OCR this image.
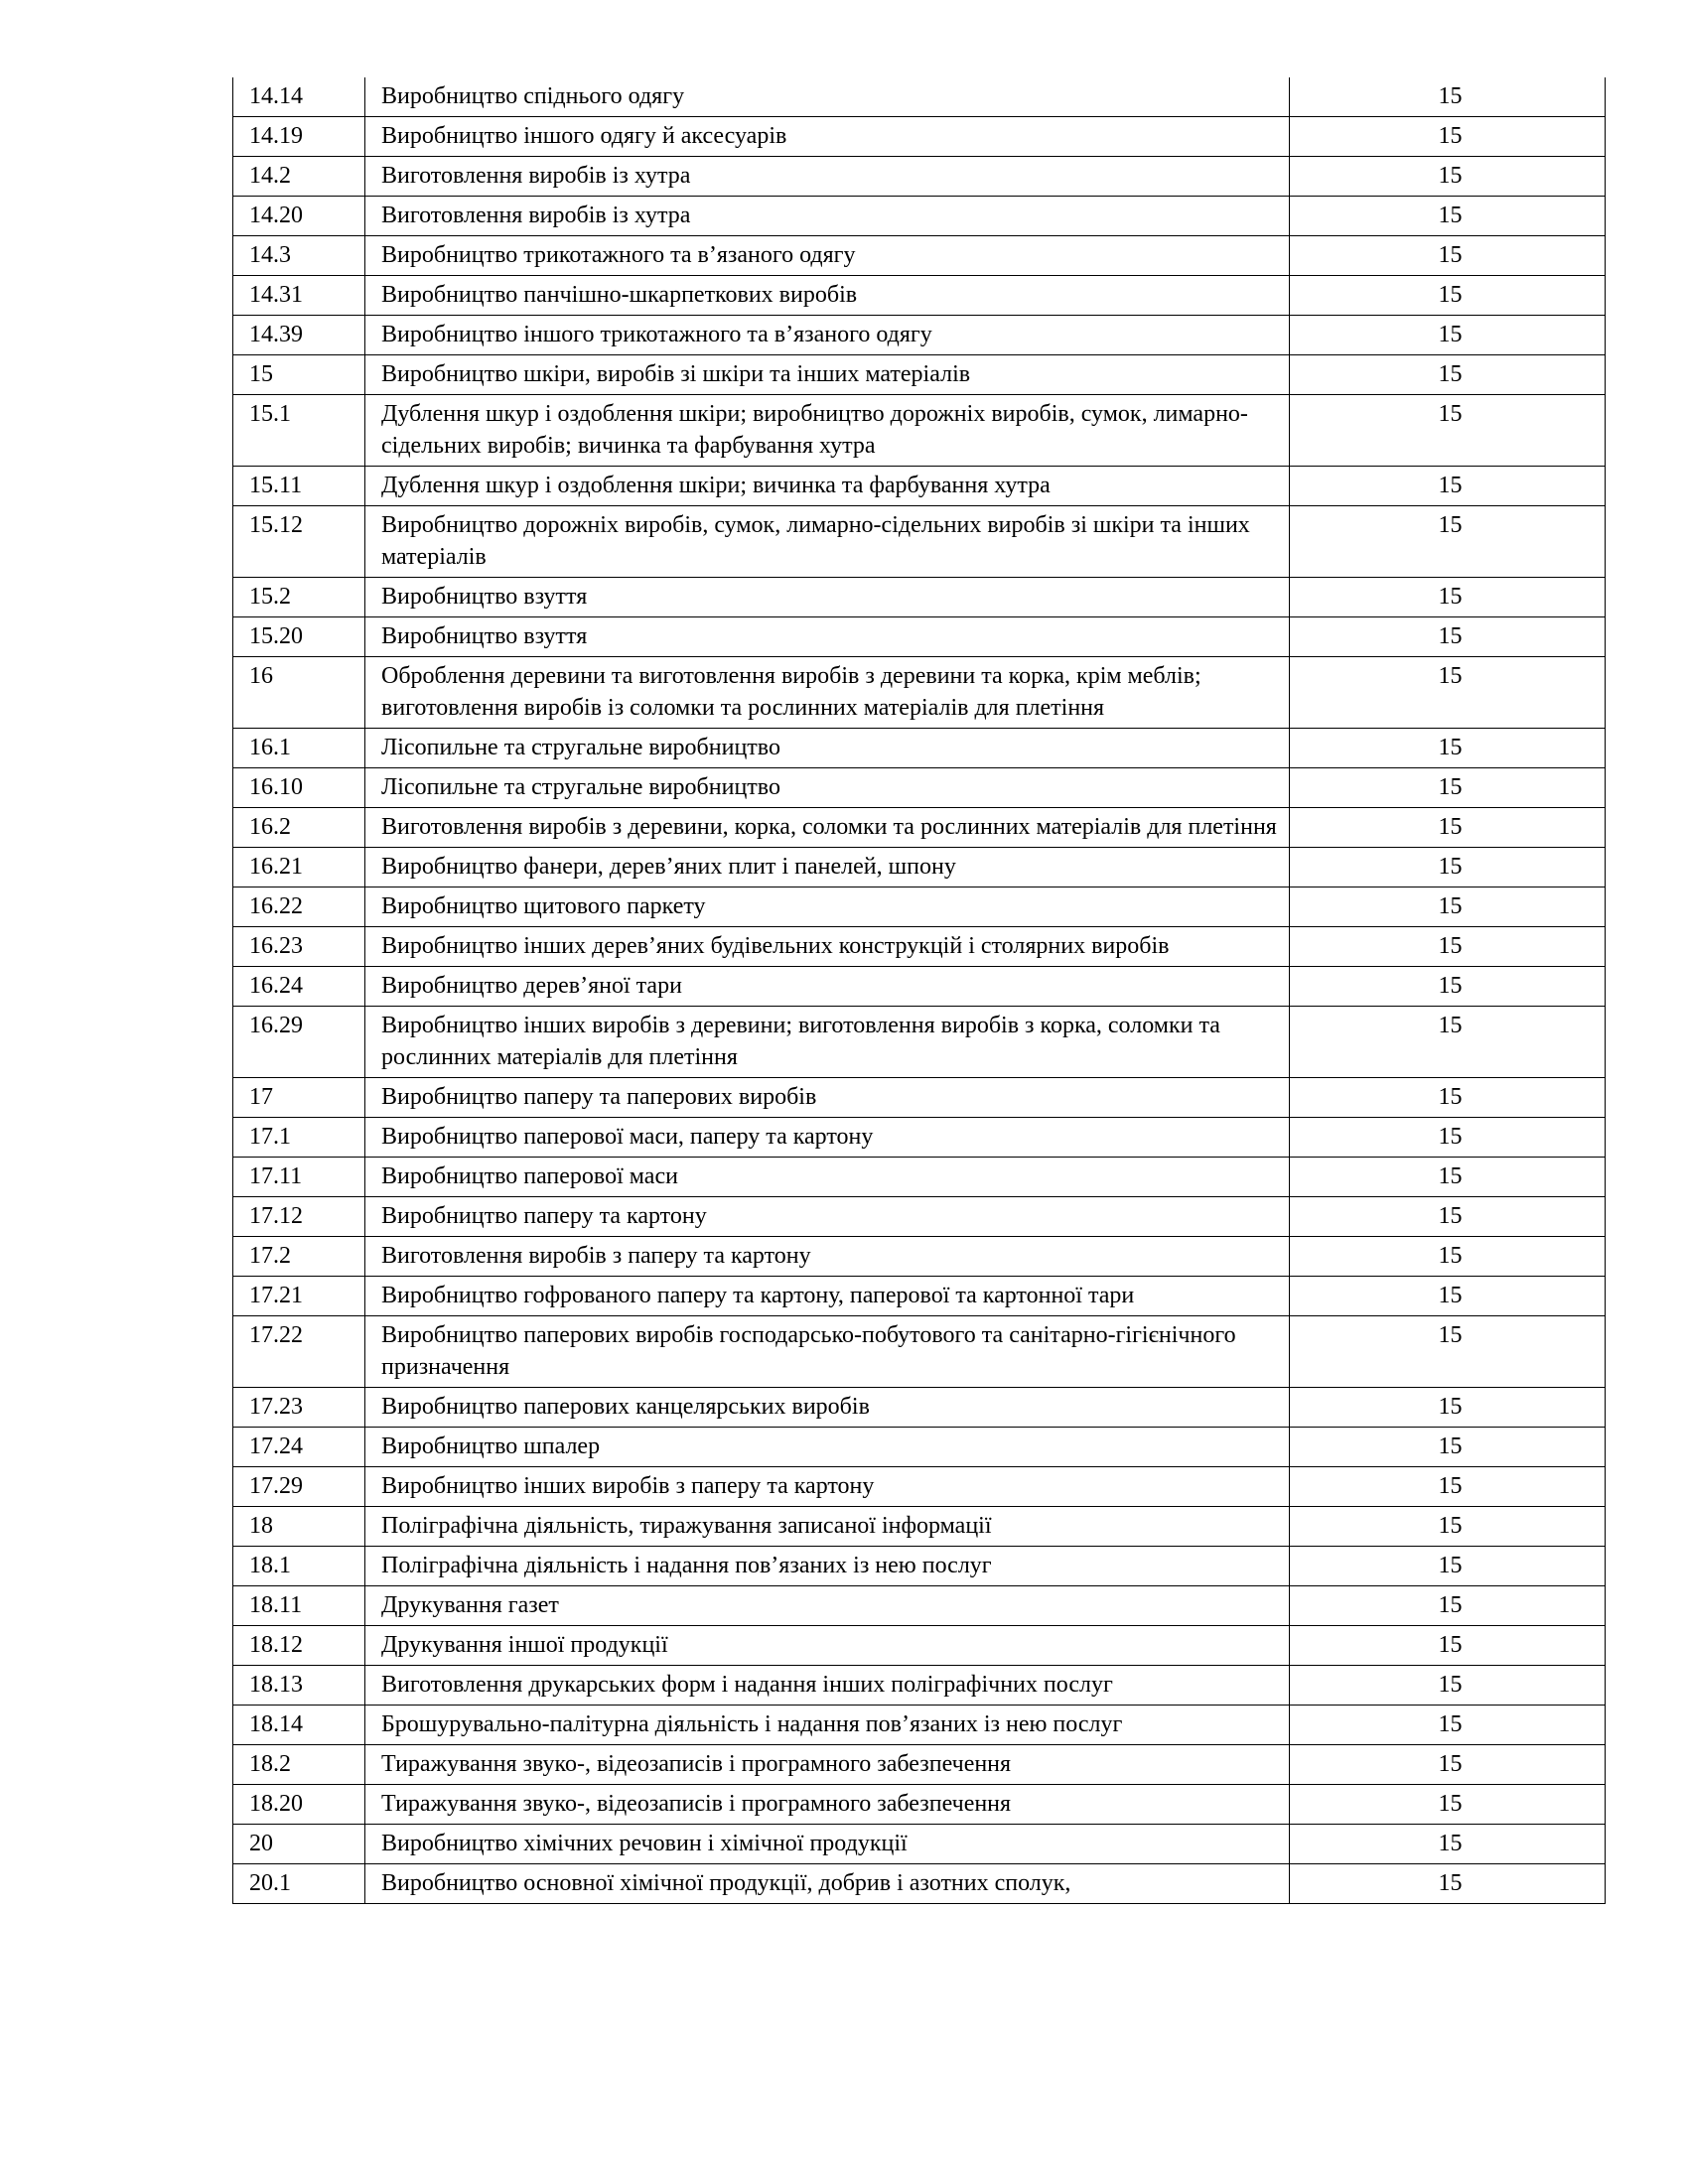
14.14	Виробництво спіднього одягу	15
14.19	Виробництво іншого одягу й аксесуарів	15
14.2	Виготовлення виробів із хутра	15
14.20	Виготовлення виробів із хутра	15
14.3	Виробництво трикотажного та в’язаного одягу	15
14.31	Виробництво панчішно-шкарпеткових виробів	15
14.39	Виробництво іншого трикотажного та в’язаного одягу	15
15	Виробництво шкіри, виробів зі шкіри та інших матеріалів	15
15.1	Дублення шкур і оздоблення шкіри; виробництво дорожніх виробів, сумок, лимарно-сідельних виробів; вичинка та фарбування хутра	15
15.11	Дублення шкур і оздоблення шкіри; вичинка та фарбування хутра	15
15.12	Виробництво дорожніх виробів, сумок, лимарно-сідельних виробів зі шкіри та інших матеріалів	15
15.2	Виробництво взуття	15
15.20	Виробництво взуття	15
16	Оброблення деревини та виготовлення виробів з деревини та корка, крім меблів; виготовлення виробів із соломки та рослинних матеріалів для плетіння	15
16.1	Лісопильне та стругальне виробництво	15
16.10	Лісопильне та стругальне виробництво	15
16.2	Виготовлення виробів з деревини, корка, соломки та рослинних матеріалів для плетіння	15
16.21	Виробництво фанери, дерев’яних плит і панелей, шпону	15
16.22	Виробництво щитового паркету	15
16.23	Виробництво інших дерев’яних будівельних конструкцій і столярних виробів	15
16.24	Виробництво дерев’яної тари	15
16.29	Виробництво інших виробів з деревини; виготовлення виробів з корка, соломки та рослинних матеріалів для плетіння	15
17	Виробництво паперу та паперових виробів	15
17.1	Виробництво паперової маси, паперу та картону	15
17.11	Виробництво паперової маси	15
17.12	Виробництво паперу та картону	15
17.2	Виготовлення виробів з паперу та картону	15
17.21	Виробництво гофрованого паперу та картону, паперової та картонної тари	15
17.22	Виробництво паперових виробів господарсько-побутового та санітарно-гігієнічного призначення	15
17.23	Виробництво паперових канцелярських виробів	15
17.24	Виробництво шпалер	15
17.29	Виробництво інших виробів з паперу та картону	15
18	Поліграфічна діяльність, тиражування записаної інформації	15
18.1	Поліграфічна діяльність і надання пов’язаних із нею послуг	15
18.11	Друкування газет	15
18.12	Друкування іншої продукції	15
18.13	Виготовлення друкарських форм і надання інших поліграфічних послуг	15
18.14	Брошурувально-палітурна діяльність і надання пов’язаних із нею послуг	15
18.2	Тиражування звуко-, відеозаписів і програмного забезпечення	15
18.20	Тиражування звуко-, відеозаписів і програмного забезпечення	15
20	Виробництво хімічних речовин і хімічної продукції	15
20.1	Виробництво основної хімічної продукції, добрив і азотних сполук,	15
